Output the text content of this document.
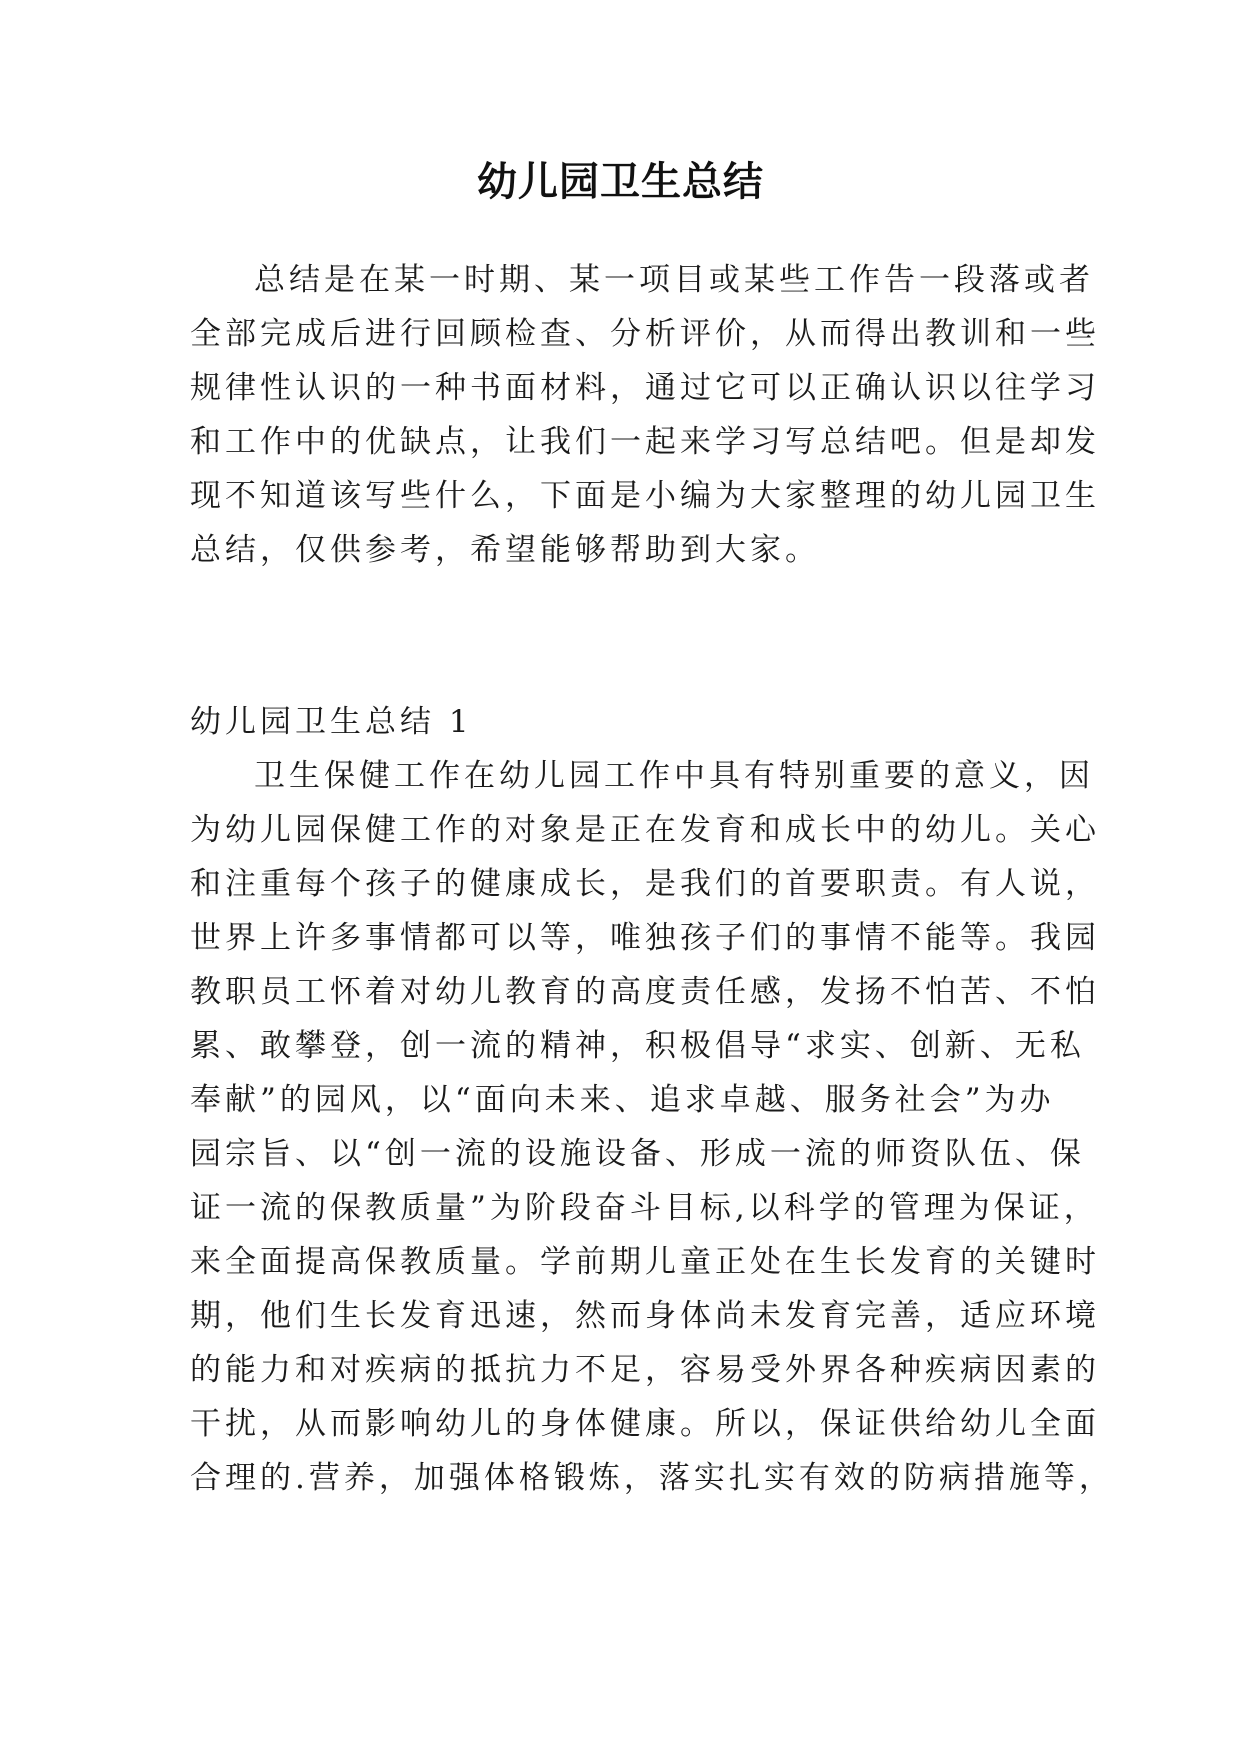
幼儿园卫生总结
总结是在某一时期、某一项目或某些工作告一段落或者
全部完成后进行回顾检查、分析评价，从而得出教训和一些
规律性认识的一种书面材料，通过它可以正确认识以往学习
和工作中的优缺点，让我们一起来学习写总结吧。但是却发
现不知道该写些什么，下面是小编为大家整理的幼儿园卫生
总结，仅供参考，希望能够帮助到大家。
幼儿园卫生总结 1
卫生保健工作在幼儿园工作中具有特别重要的意义，因
为幼儿园保健工作的对象是正在发育和成长中的幼儿。关心
和注重每个孩子的健康成长，是我们的首要职责。有人说，
世界上许多事情都可以等，唯独孩子们的事情不能等。我园
教职员工怀着对幼儿教育的高度责任感，发扬不怕苦、不怕
累、敢攀登，创一流的精神，积极倡导“求实、创新、无私
奉献”的园风，以“面向未来、追求卓越、服务社会”为办
园宗旨、以“创一流的设施设备、形成一流的师资队伍、保
证一流的保教质量”为阶段奋斗目标,以科学的管理为保证，
来全面提高保教质量。学前期儿童正处在生长发育的关键时
期，他们生长发育迅速，然而身体尚未发育完善，适应环境
的能力和对疾病的抵抗力不足，容易受外界各种疾病因素的
干扰，从而影响幼儿的身体健康。所以，保证供给幼儿全面
合理的.营养，加强体格锻炼，落实扎实有效的防病措施等，
